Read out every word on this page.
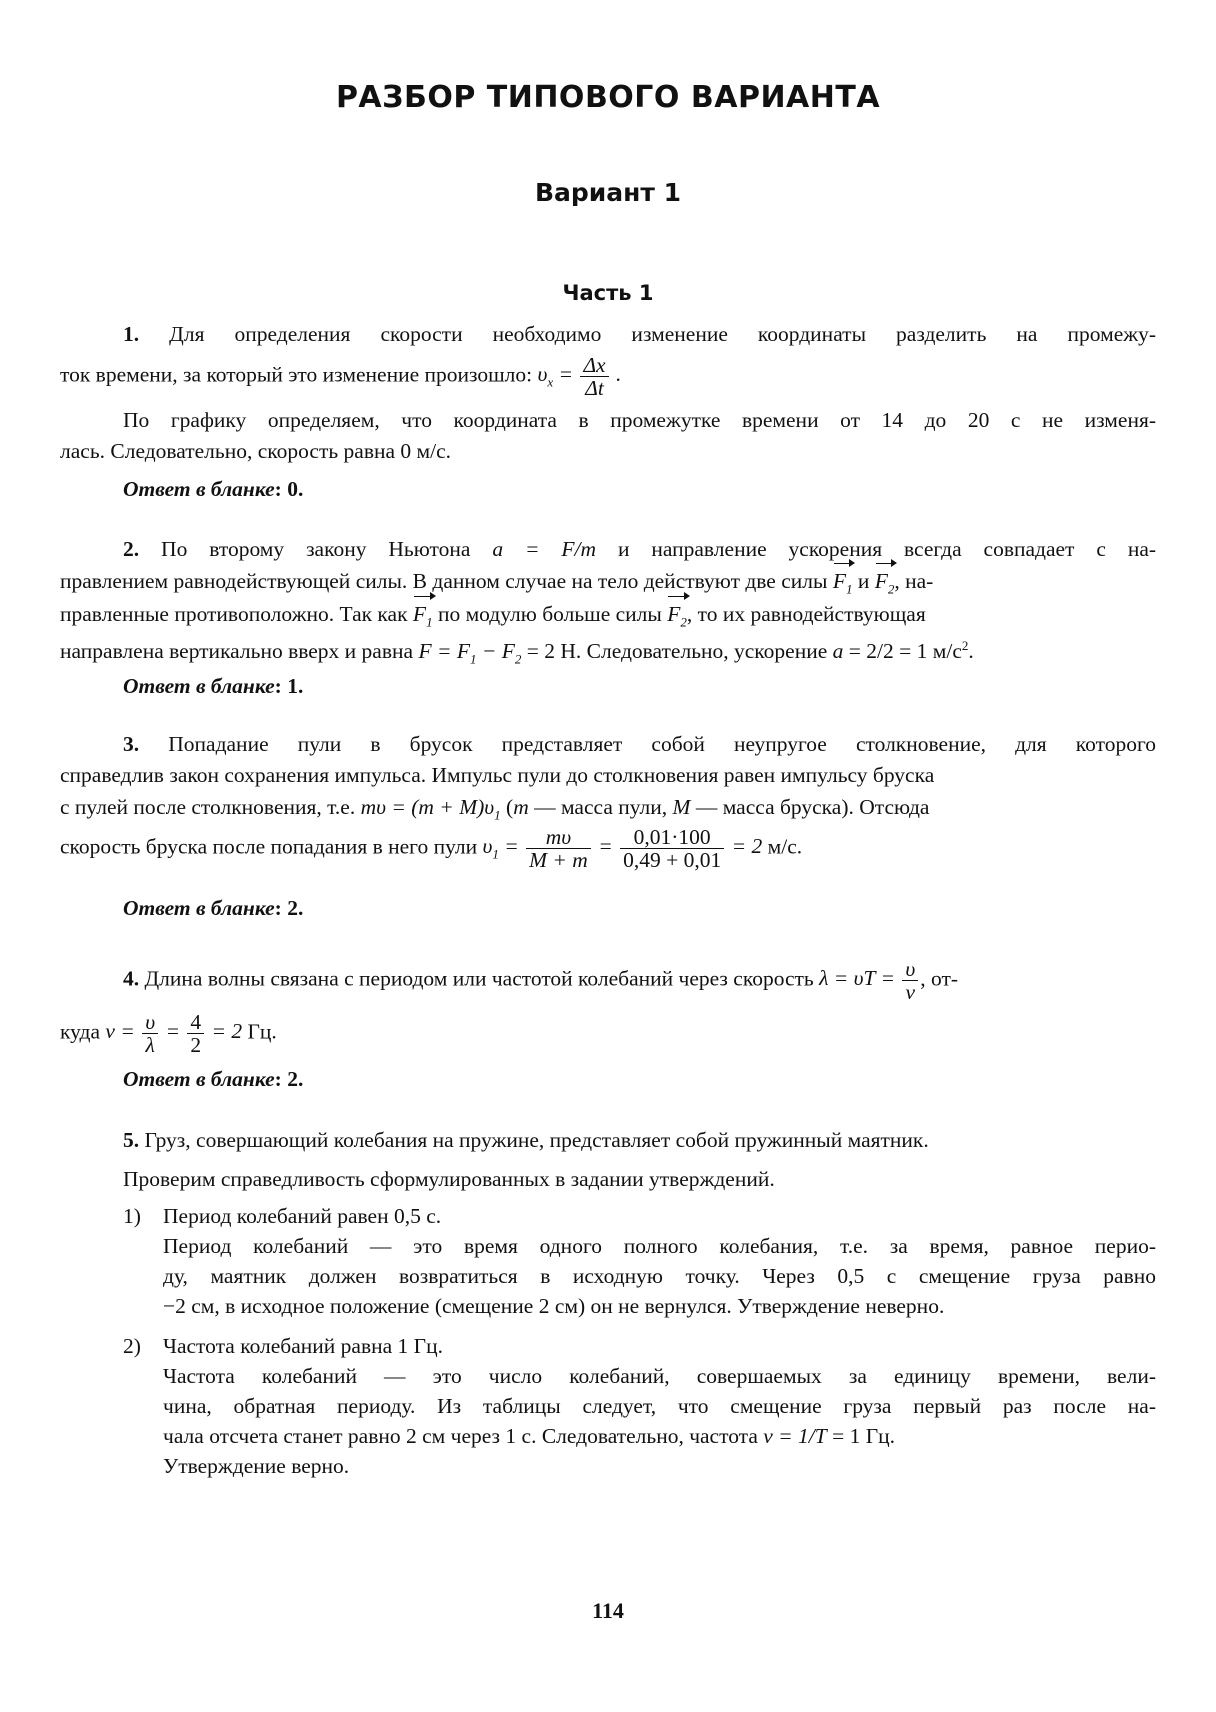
РАЗБОР ТИПОВОГО ВАРИАНТА
Вариант 1
Часть 1
1. Для определения скорости необходимо изменение координаты разделить на промежу-
ток времени, за который это изменение произошло: $\upsilon_x = \frac{\Delta x}{\Delta t}$ .
По графику определяем, что координата в промежутке времени от 14 до 20 с не изменя-
лась. Следовательно, скорость равна 0 м/с.
Ответ в бланке: 0.
2. По второму закону Ньютона a = F/m и направление ускорения всегда совпадает с на-
правлением равнодействующей силы. В данном случае на тело действуют две силы $F_1$ и $F_2$, на-
правленные противоположно. Так как $F_1$ по модулю больше силы $F_2$, то их равнодействующая
направлена вертикально вверх и равна $F = F_1 - F_2 = 2$ Н. Следовательно, ускорение a = 2/2 = 1 $м/с^2$.
Ответ в бланке: 1.
3. Попадание пули в брусок представляет собой неупругое столкновение, для которого
справедлив закон сохранения импульса. Импульс пули до столкновения равен импульсу бруска
с пулей после столкновения, т.е. $m\upsilon = (m + M)\upsilon_1$ (m — масса пули, M — масса бруска). Отсюда
скорость бруска после попадания в него пули $\upsilon_1 = \frac{m\upsilon}{M + m} = \frac{0,01\cdot 100}{0,49 + 0,01} = 2$ м/с.
Ответ в бланке: 2.
4. Длина волны связана с периодом или частотой колебаний через скорость $\lambda = \upsilon T = \frac{\upsilon}{\nu}$ , от-
куда $\nu = \frac{\upsilon}{\lambda} = \frac{4}{2} = 2$ Гц.
Ответ в бланке: 2.
5. Груз, совершающий колебания на пружине, представляет собой пружинный маятник.
Проверим справедливость сформулированных в задании утверждений.
1) Период колебаний равен 0,5 с.
Период колебаний — это время одного полного колебания, т.е. за время, равное перио-
ду, маятник должен возвратиться в исходную точку. Через 0,5 с смещение груза равно
−2 см, в исходное положение (смещение 2 см) он не вернулся. Утверждение неверно.
2) Частота колебаний равна 1 Гц.
Частота колебаний — это число колебаний, совершаемых за единицу времени, вели-
чина, обратная периоду. Из таблицы следует, что смещение груза первый раз после на-
чала отсчета станет равно 2 см через 1 с. Следовательно, частота ν = 1/T = 1 Гц.
Утверждение верно.
114
